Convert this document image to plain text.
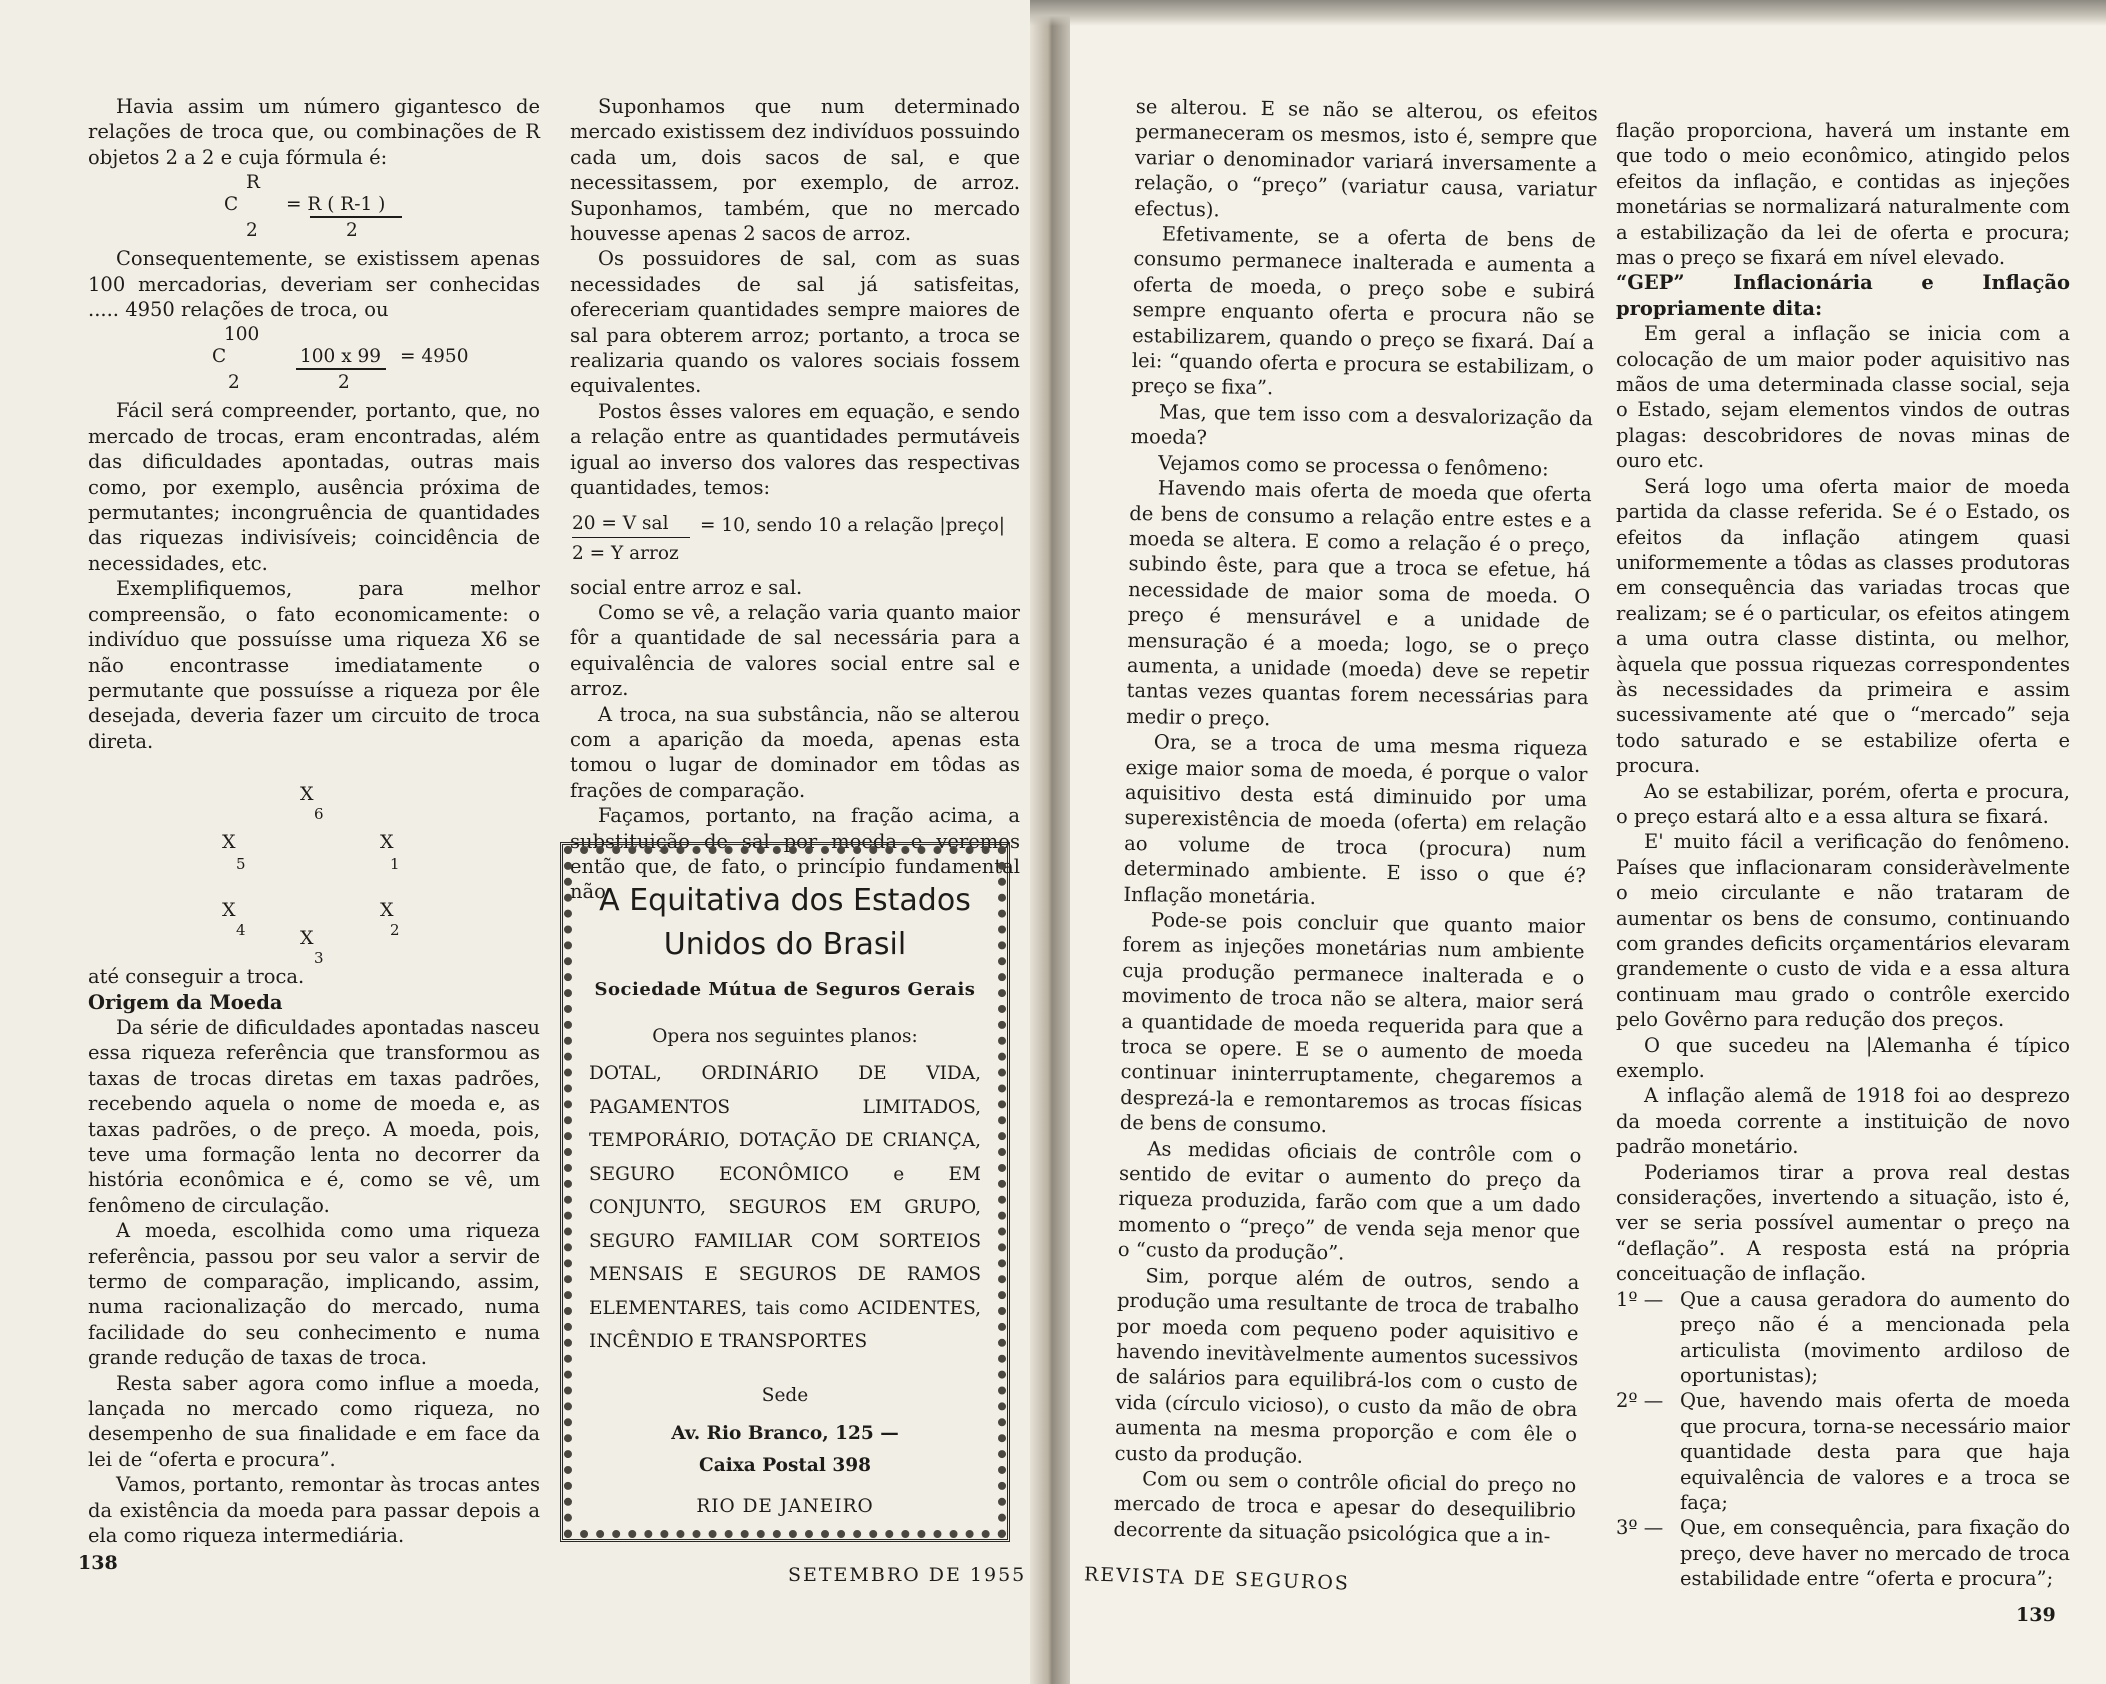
Havia assim um número gigantesco de relações de troca que, ou combinações de R objetos 2 a 2 e cuja fórmula é:

R
C	= R ( R-1 )
2	2

Consequentemente, se existissem apenas 100 mercadorias, deveriam ser conhecidas ..... 4950 relações de troca, ou

100
C	100 x 99 = 4950
2	2

Fácil será compreender, portanto, que, no mercado de trocas, eram encontradas, além das dificuldades apontadas, outras mais como, por exemplo, ausência próxima de permutantes; incongruência de quantidades das riquezas indivisíveis; coincidência de necessidades, etc.

Exemplifiquemos, para melhor compreensão, o fato economicamente: o indivíduo que possuísse uma riqueza X6 se não encontrasse imediatamente o permutante que possuísse a riqueza por êle desejada, deveria fazer um circuito de troca direta.

X
6
X
5
X
1
X
4
X
2
X
3

até conseguir a troca.

Origem da Moeda

Da série de dificuldades apontadas nasceu essa riqueza referência que transformou as taxas de trocas diretas em taxas padrões, recebendo aquela o nome de moeda e, as taxas padrões, o de preço. A moeda, pois, teve uma formação lenta no decorrer da história econômica e é, como se vê, um fenômeno de circulação.

A moeda, escolhida como uma riqueza referência, passou por seu valor a servir de termo de comparação, implicando, assim, numa racionalização do mercado, numa facilidade do seu conhecimento e numa grande redução de taxas de troca.

Resta saber agora como influe a moeda, lançada no mercado como riqueza, no desempenho de sua finalidade e em face da lei de “oferta e procura”.

Vamos, portanto, remontar às trocas antes da existência da moeda para passar depois a ela como riqueza intermediária.

Suponhamos que num determinado mercado existissem dez indivíduos possuindo cada um, dois sacos de sal, e que necessitassem, por exemplo, de arroz. Suponhamos, também, que no mercado houvesse apenas 2 sacos de arroz.

Os possuidores de sal, com as suas necessidades de sal já satisfeitas, ofereceriam quantidades sempre maiores de sal para obterem arroz; portanto, a troca se realizaria quando os valores sociais fossem equivalentes.

Postos êsses valores em equação, e sendo a relação entre as quantidades permutáveis igual ao inverso dos valores das respectivas quantidades, temos:

20 = V sal
2 = Y arroz
= 10, sendo 10 a relação |preço|

social entre arroz e sal.

Como se vê, a relação varia quanto maior fôr a quantidade de sal necessária para a equivalência de valores social entre sal e arroz.

A troca, na sua substância, não se alterou com a aparição da moeda, apenas esta tomou o lugar de dominador em tôdas as frações de comparação.

Façamos, portanto, na fração acima, a substituição de sal por moeda e veremos então que, de fato, o princípio fundamental não

A Equitativa dos Estados
Unidos do Brasil
Sociedade Mútua de Seguros Gerais
Opera nos seguintes planos:
DOTAL, ORDINÁRIO DE VIDA, PAGAMENTOS LIMITADOS, TEMPORÁRIO, DOTAÇÃO DE CRIANÇA, SEGURO ECONÔMICO e EM CONJUNTO, SEGUROS EM GRUPO, SEGURO FAMILIAR COM SORTEIOS MENSAIS E SEGUROS DE RAMOS ELEMENTARES, tais como ACIDENTES, INCÊNDIO E TRANSPORTES
Sede
Av. Rio Branco, 125 —
Caixa Postal 398
RIO DE JANEIRO
138
SETEMBRO DE 1955

se alterou. E se não se alterou, os efeitos permaneceram os mesmos, isto é, sempre que variar o denominador variará inversamente a relação, o “preço” (variatur causa, variatur efectus).

Efetivamente, se a oferta de bens de consumo permanece inalterada e aumenta a oferta de moeda, o preço sobe e subirá sempre enquanto oferta e procura não se estabilizarem, quando o preço se fixará. Daí a lei: “quando oferta e procura se estabilizam, o preço se fixa”.

Mas, que tem isso com a desvalorização da moeda?

Vejamos como se processa o fenômeno:

Havendo mais oferta de moeda que oferta de bens de consumo a relação entre estes e a moeda se altera. E como a relação é o preço, subindo êste, para que a troca se efetue, há necessidade de maior soma de moeda. O preço é mensurável e a unidade de mensuração é a moeda; logo, se o preço aumenta, a unidade (moeda) deve se repetir tantas vezes quantas forem necessárias para medir o preço.

Ora, se a troca de uma mesma riqueza exige maior soma de moeda, é porque o valor aquisitivo desta está diminuido por uma superexistência de moeda (oferta) em relação ao volume de troca (procura) num determinado ambiente. E isso o que é? Inflação monetária.

Pode-se pois concluir que quanto maior forem as injeções monetárias num ambiente cuja produção permanece inalterada e o movimento de troca não se altera, maior será a quantidade de moeda requerida para que a troca se opere. E se o aumento de moeda continuar ininterruptamente, chegaremos a desprezá-la e remontaremos as trocas físicas de bens de consumo.

As medidas oficiais de contrôle com o sentido de evitar o aumento do preço da riqueza produzida, farão com que a um dado momento o “preço” de venda seja menor que o “custo da produção”.

Sim, porque além de outros, sendo a produção uma resultante de troca de trabalho por moeda com pequeno poder aquisitivo e havendo inevitàvelmente aumentos sucessivos de salários para equilibrá-los com o custo de vida (círculo vicioso), o custo da mão de obra aumenta na mesma proporção e com êle o custo da produção.

Com ou sem o contrôle oficial do preço no mercado de troca e apesar do desequilibrio decorrente da situação psicológica que a in-

flação proporciona, haverá um instante em que todo o meio econômico, atingido pelos efeitos da inflação, e contidas as injeções monetárias se normalizará naturalmente com a estabilização da lei de oferta e procura; mas o preço se fixará em nível elevado.

“GEP” Inflacionária e Inflação propriamente dita:

Em geral a inflação se inicia com a colocação de um maior poder aquisitivo nas mãos de uma determinada classe social, seja o Estado, sejam elementos vindos de outras plagas: descobridores de novas minas de ouro etc.

Será logo uma oferta maior de moeda partida da classe referida. Se é o Estado, os efeitos da inflação atingem quasi uniformemente a tôdas as classes produtoras em consequência das variadas trocas que realizam; se é o particular, os efeitos atingem a uma outra classe distinta, ou melhor, àquela que possua riquezas correspondentes às necessidades da primeira e assim sucessivamente até que o “mercado” seja todo saturado e se estabilize oferta e procura.

Ao se estabilizar, porém, oferta e procura, o preço estará alto e a essa altura se fixará.

E' muito fácil a verificação do fenômeno. Países que inflacionaram consideràvelmente o meio circulante e não trataram de aumentar os bens de consumo, continuando com grandes deficits orçamentários elevaram grandemente o custo de vida e a essa altura continuam mau grado o contrôle exercido pelo Govêrno para redução dos preços.

O que sucedeu na |Alemanha é típico exemplo.

A inflação alemã de 1918 foi ao desprezo da moeda corrente a instituição de novo padrão monetário.

Poderiamos tirar a prova real destas considerações, invertendo a situação, isto é, ver se seria possível aumentar o preço na “deflação”. A resposta está na própria conceituação de inflação.

1º — Que a causa geradora do aumento do preço não é a mencionada pela articulista (movimento ardiloso de oportunistas);

2º — Que, havendo mais oferta de moeda que procura, torna-se necessário maior quantidade desta para que haja equivalência de valores e a troca se faça;

3º — Que, em consequência, para fixação do preço, deve haver no mercado de troca estabilidade entre “oferta e procura”;

REVISTA DE SEGUROS
139
